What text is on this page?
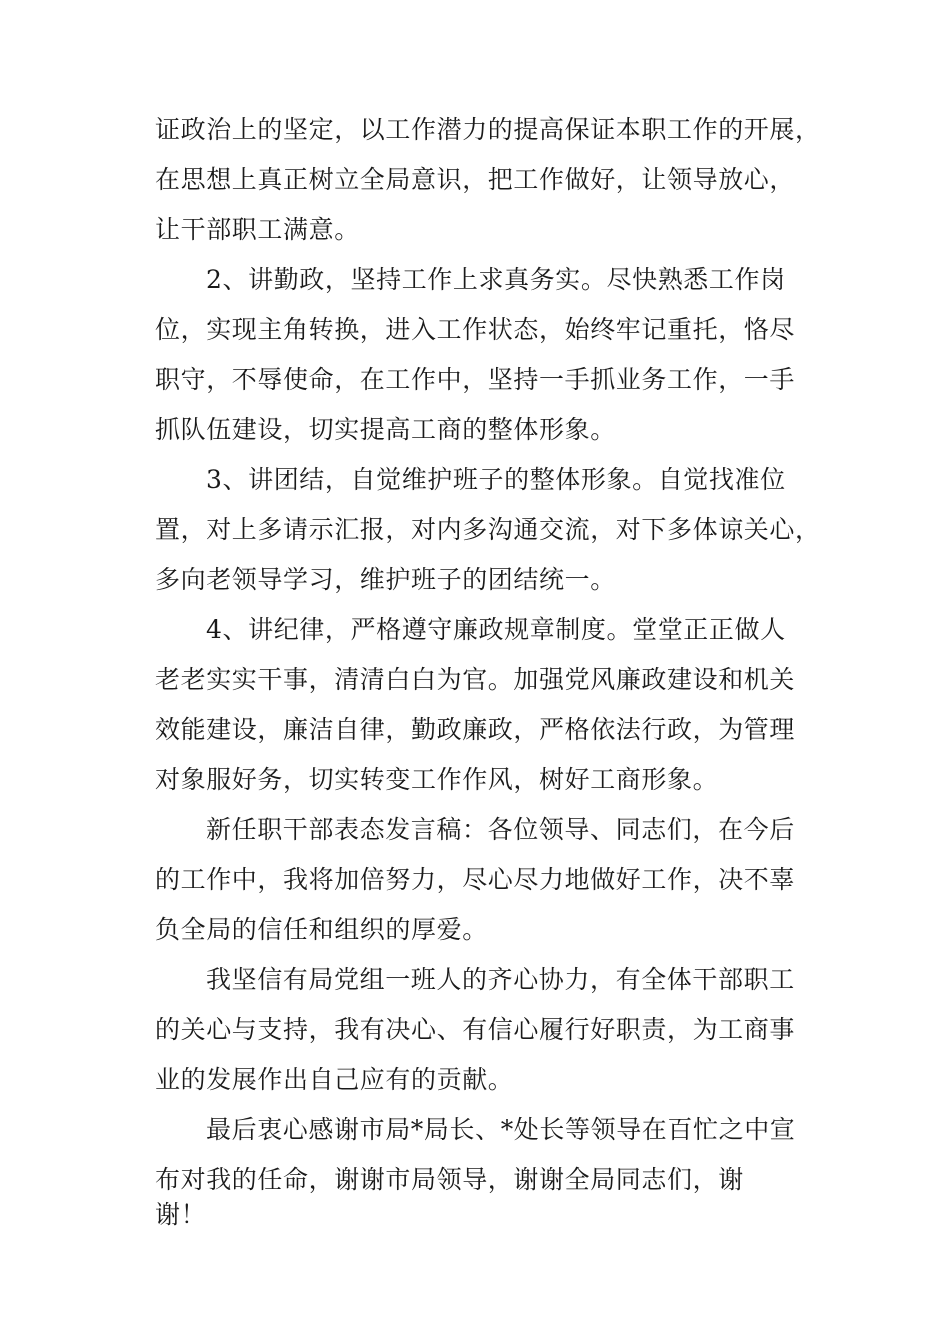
证政治上的坚定，以工作潜力的提高保证本职工作的开展，
在思想上真正树立全局意识，把工作做好，让领导放心，
让干部职工满意。
2、讲勤政，坚持工作上求真务实。尽快熟悉工作岗
位，实现主角转换，进入工作状态，始终牢记重托，恪尽
职守，不辱使命，在工作中，坚持一手抓业务工作，一手
抓队伍建设，切实提高工商的整体形象。
3、讲团结，自觉维护班子的整体形象。自觉找准位
置，对上多请示汇报，对内多沟通交流，对下多体谅关心，
多向老领导学习，维护班子的团结统一。
4、讲纪律，严格遵守廉政规章制度。堂堂正正做人
老老实实干事，清清白白为官。加强党风廉政建设和机关
效能建设，廉洁自律，勤政廉政，严格依法行政，为管理
对象服好务，切实转变工作作风，树好工商形象。
新任职干部表态发言稿：各位领导、同志们，在今后
的工作中，我将加倍努力，尽心尽力地做好工作，决不辜
负全局的信任和组织的厚爱。
我坚信有局党组一班人的齐心协力，有全体干部职工
的关心与支持，我有决心、有信心履行好职责，为工商事
业的发展作出自己应有的贡献。
最后衷心感谢市局*局长、*处长等领导在百忙之中宣
布对我的任命，谢谢市局领导，谢谢全局同志们，谢
谢！
